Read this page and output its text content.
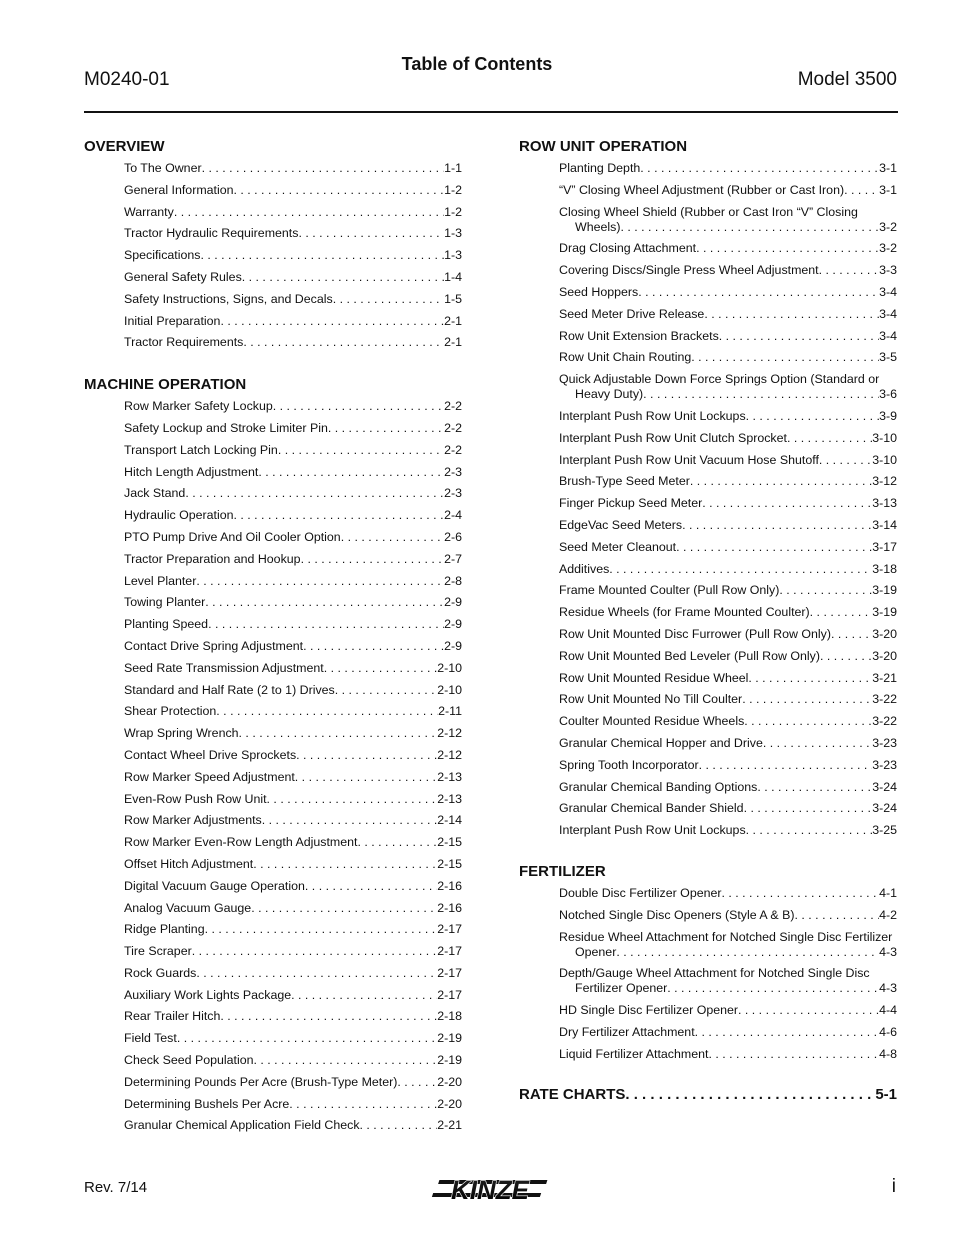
Table of Contents
M0240-01	Model 3500
OVERVIEW
To The Owner . . .	1-1
General Information . . .	1-2
Warranty . . .	1-2
Tractor Hydraulic Requirements . . .	1-3
Specifications . . .	1-3
General Safety Rules . . .	1-4
Safety Instructions, Signs, and Decals . . .	1-5
Initial Preparation . . .	2-1
Tractor Requirements . . .	2-1
MACHINE OPERATION
Row Marker Safety Lockup . . .	2-2
Safety Lockup and Stroke Limiter Pin . . .	2-2
Transport Latch Locking Pin . . .	2-2
Hitch Length Adjustment . . .	2-3
Jack Stand . . .	2-3
Hydraulic Operation . . .	2-4
PTO Pump Drive And Oil Cooler Option . . .	2-6
Tractor Preparation and Hookup . . .	2-7
Level Planter . . .	2-8
Towing Planter . . .	2-9
Planting Speed . . .	2-9
Contact Drive Spring Adjustment . . .	2-9
Seed Rate Transmission Adjustment . . .	2-10
Standard and Half Rate (2 to 1) Drives . . .	2-10
Shear Protection . . .	2-11
Wrap Spring Wrench . . .	2-12
Contact Wheel Drive Sprockets . . .	2-12
Row Marker Speed Adjustment . . .	2-13
Even-Row Push Row Unit . . .	2-13
Row Marker Adjustments . . .	2-14
Row Marker Even-Row Length Adjustment . . .	2-15
Offset Hitch Adjustment . . .	2-15
Digital Vacuum Gauge Operation . . .	2-16
Analog Vacuum Gauge . . .	2-16
Ridge Planting . . .	2-17
Tire Scraper . . .	2-17
Rock Guards . . .	2-17
Auxiliary Work Lights Package . . .	2-17
Rear Trailer Hitch . . .	2-18
Field Test . . .	2-19
Check Seed Population . . .	2-19
Determining Pounds Per Acre (Brush-Type Meter) . . .	2-20
Determining Bushels Per Acre . . .	2-20
Granular Chemical Application Field Check . . .	2-21
ROW UNIT OPERATION
Planting Depth . . .	3-1
“V” Closing Wheel Adjustment (Rubber or Cast Iron) . . .	3-1
Closing Wheel Shield (Rubber or Cast Iron “V” Closing
Wheels) . . .	3-2
Drag Closing Attachment . . .	3-2
Covering Discs/Single Press Wheel Adjustment . . .	3-3
Seed Hoppers . . .	3-4
Seed Meter Drive Release . . .	3-4
Row Unit Extension Brackets . . .	3-4
Row Unit Chain Routing . . .	3-5
Quick Adjustable Down Force Springs Option (Standard or
Heavy Duty) . . .	3-6
Interplant Push Row Unit Lockups . . .	3-9
Interplant Push Row Unit Clutch Sprocket . . .	3-10
Interplant Push Row Unit Vacuum Hose Shutoff . . .	3-10
Brush-Type Seed Meter . . .	3-12
Finger Pickup Seed Meter . . .	3-13
EdgeVac Seed Meters . . .	3-14
Seed Meter Cleanout . . .	3-17
Additives . . .	3-18
Frame Mounted Coulter (Pull Row Only) . . .	3-19
Residue Wheels (for Frame Mounted Coulter) . . .	3-19
Row Unit Mounted Disc Furrower (Pull Row Only) . . .	3-20
Row Unit Mounted Bed Leveler (Pull Row Only) . . .	3-20
Row Unit Mounted Residue Wheel . . .	3-21
Row Unit Mounted No Till Coulter . . .	3-22
Coulter Mounted Residue Wheels . . .	3-22
Granular Chemical Hopper and Drive . . .	3-23
Spring Tooth Incorporator . . .	3-23
Granular Chemical Banding Options . . .	3-24
Granular Chemical Bander Shield . . .	3-24
Interplant Push Row Unit Lockups . . .	3-25
FERTILIZER
Double Disc Fertilizer Opener . . .	4-1
Notched Single Disc Openers (Style A & B) . . .	4-2
Residue Wheel Attachment for Notched Single Disc Fertilizer
Opener . . .	4-3
Depth/Gauge Wheel Attachment for Notched Single Disc
Fertilizer Opener . . .	4-3
HD Single Disc Fertilizer Opener . . .	4-4
Dry Fertilizer Attachment . . .	4-6
Liquid Fertilizer Attachment . . .	4-8
RATE CHARTS . . .	5-1
Rev. 7/14	i
KINZE
